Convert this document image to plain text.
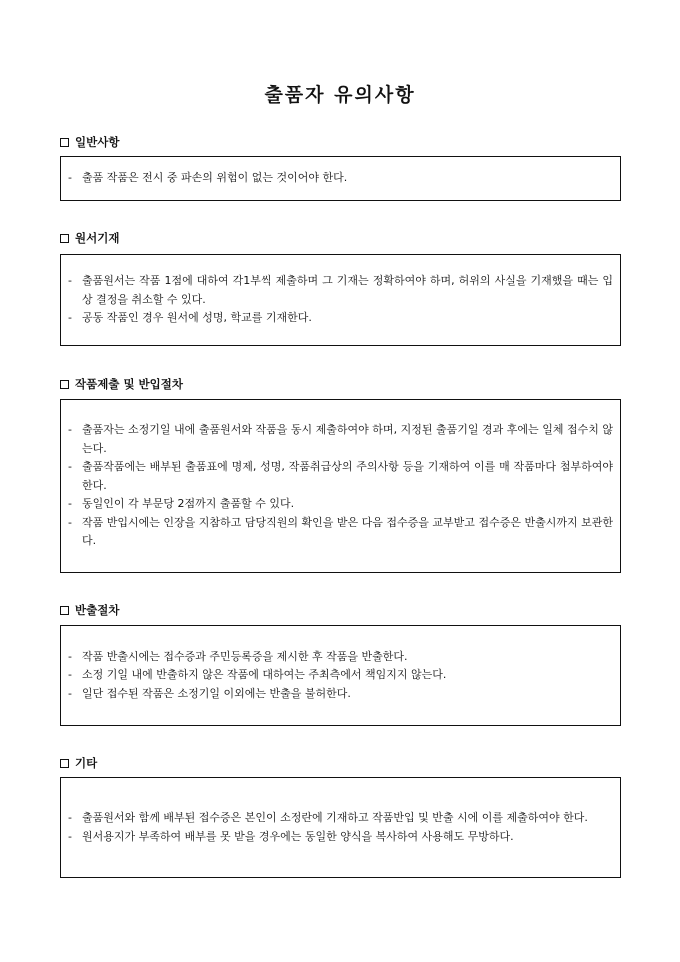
출품자 유의사항
일반사항
- 출품 작품은 전시 중 파손의 위험이 없는 것이어야 한다.
원서기재
- 출품원서는 작품 1점에 대하여 각1부씩 제출하며 그 기재는 정확하여야 하며, 허위의 사실을 기재했을 때는 입상 결정을 취소할 수 있다.
- 공동 작품인 경우 원서에 성명, 학교를 기재한다.
작품제출 및 반입절차
- 출품자는 소정기일 내에 출품원서와 작품을 동시 제출하여야 하며, 지정된 출품기일 경과 후에는 일체 접수치 않는다.
- 출품작품에는 배부된 출품표에 명제, 성명, 작품취급상의 주의사항 등을 기재하여 이를 매 작품마다 첨부하여야 한다.
- 동일인이 각 부문당 2점까지 출품할 수 있다.
- 작품 반입시에는 인장을 지참하고 담당직원의 확인을 받은 다음 접수증을 교부받고 접수증은 반출시까지 보관한다.
반출절차
- 작품 반출시에는 접수증과 주민등록증을 제시한 후 작품을 반출한다.
- 소정 기일 내에 반출하지 않은 작품에 대하여는 주최측에서 책임지지 않는다.
- 일단 접수된 작품은 소정기일 이외에는 반출을 불허한다.
기타
- 출품원서와 함께 배부된 접수증은 본인이 소정란에 기재하고 작품반입 및 반출 시에 이를 제출하여야 한다.
- 원서용지가 부족하여 배부를 못 받을 경우에는 동일한 양식을 복사하여 사용해도 무방하다.
